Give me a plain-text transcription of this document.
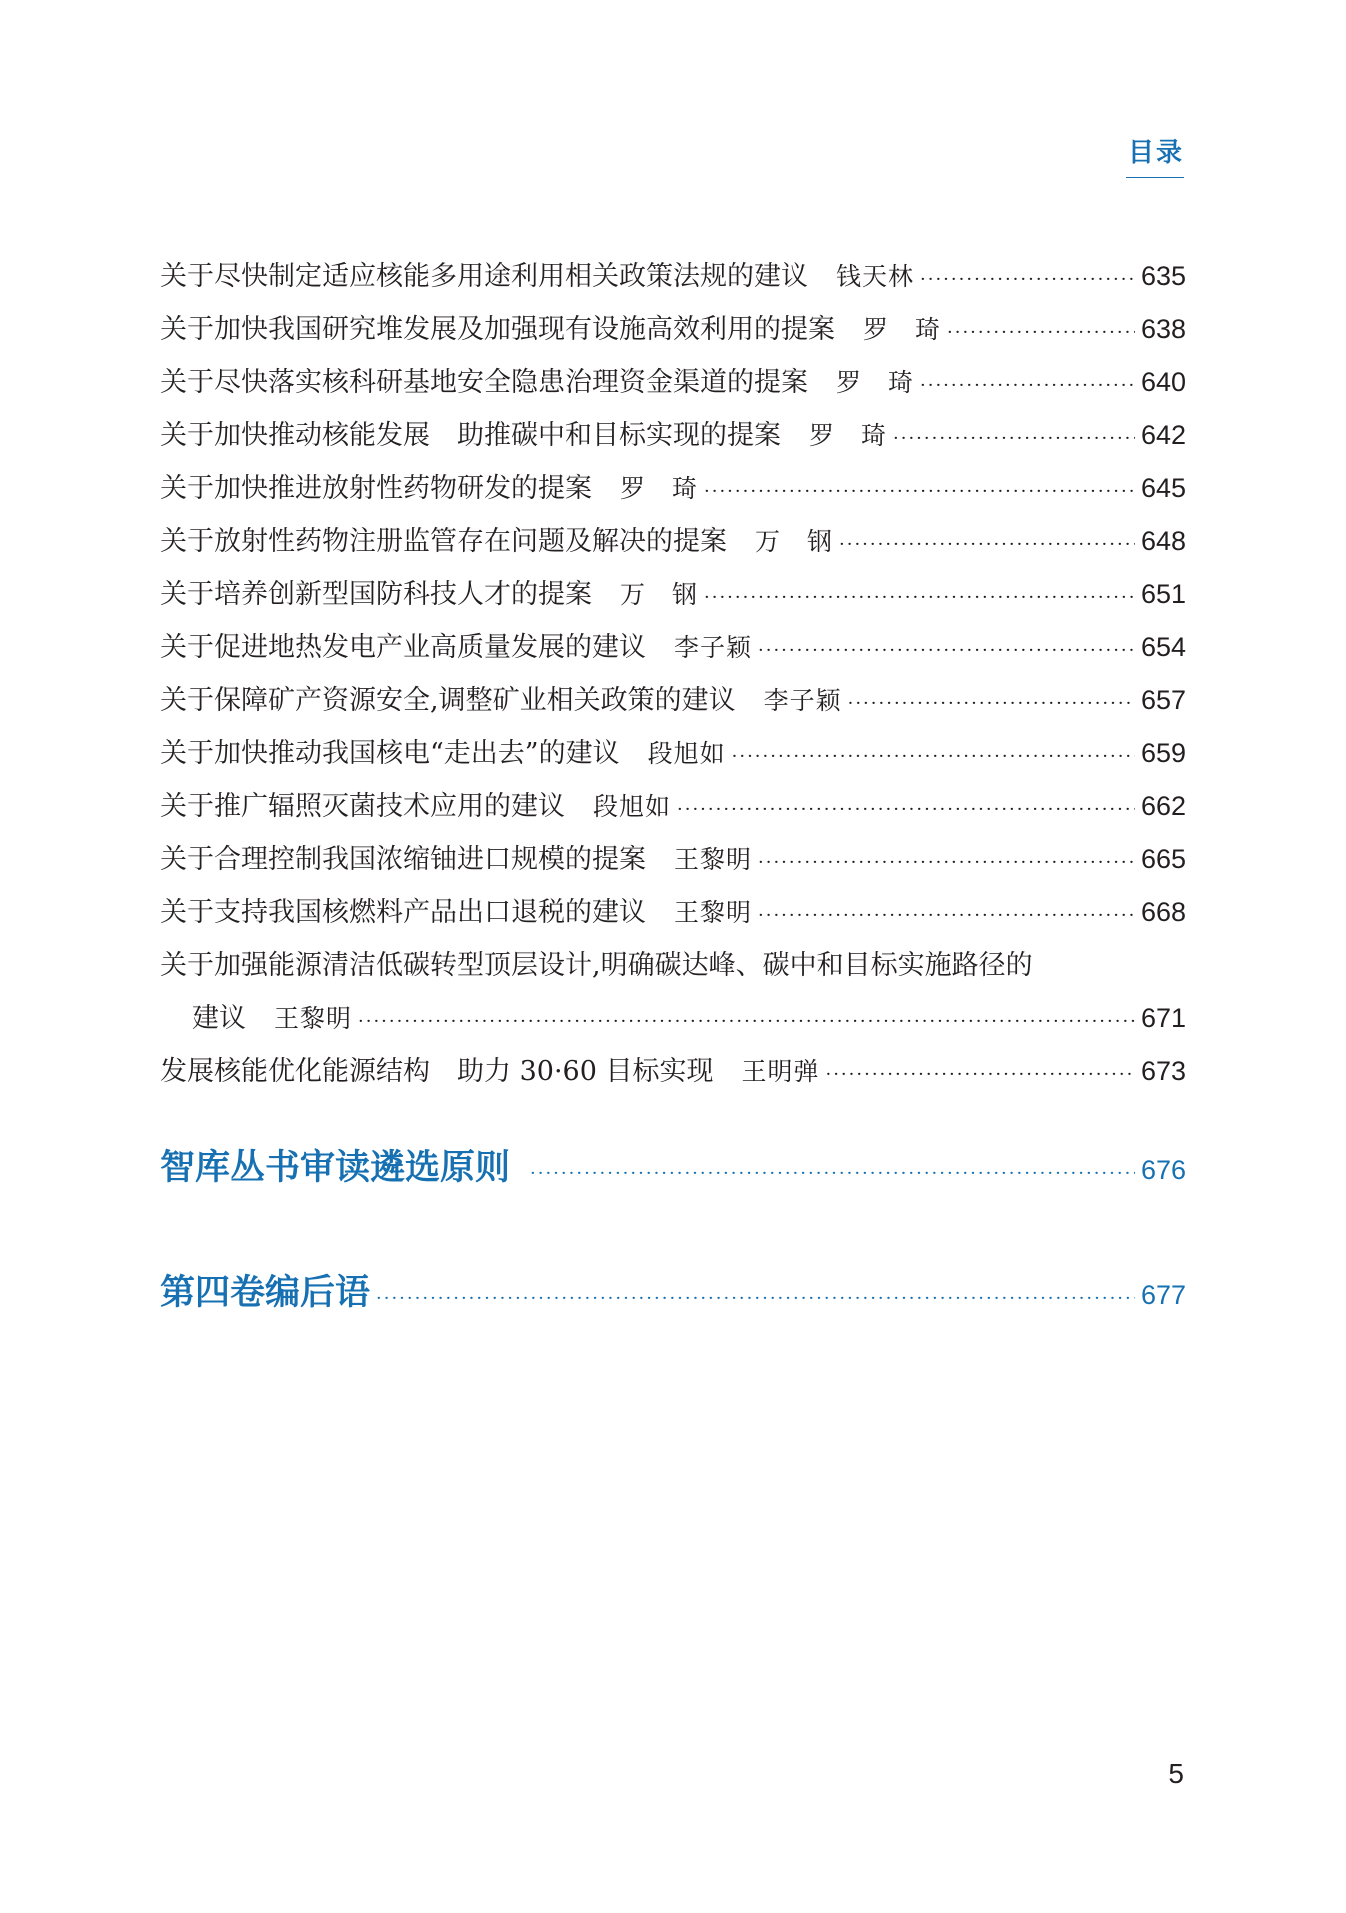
目录
关于尽快制定适应核能多用途利用相关政策法规的建议 钱天林 ·····	635
关于加快我国研究堆发展及加强现有设施高效利用的提案 罗　琦 ·····	638
关于尽快落实核科研基地安全隐患治理资金渠道的提案 罗　琦 ·····	640
关于加快推动核能发展　助推碳中和目标实现的提案 罗　琦 ·····	642
关于加快推进放射性药物研发的提案 罗　琦 ·····	645
关于放射性药物注册监管存在问题及解决的提案 万　钢 ·····	648
关于培养创新型国防科技人才的提案 万　钢 ·····	651
关于促进地热发电产业高质量发展的建议 李子颖 ·····	654
关于保障矿产资源安全,调整矿业相关政策的建议 李子颖 ·····	657
关于加快推动我国核电“走出去”的建议 段旭如 ·····	659
关于推广辐照灭菌技术应用的建议 段旭如 ·····	662
关于合理控制我国浓缩铀进口规模的提案 王黎明 ·····	665
关于支持我国核燃料产品出口退税的建议 王黎明 ·····	668
关于加强能源清洁低碳转型顶层设计,明确碳达峰、碳中和目标实施路径的
建议 王黎明 ·····	671
发展核能优化能源结构　助力 30·60 目标实现 王明弹 ·····	673
智库丛书审读遴选原则 ·····	676
第四卷编后语 ·····	677
5
